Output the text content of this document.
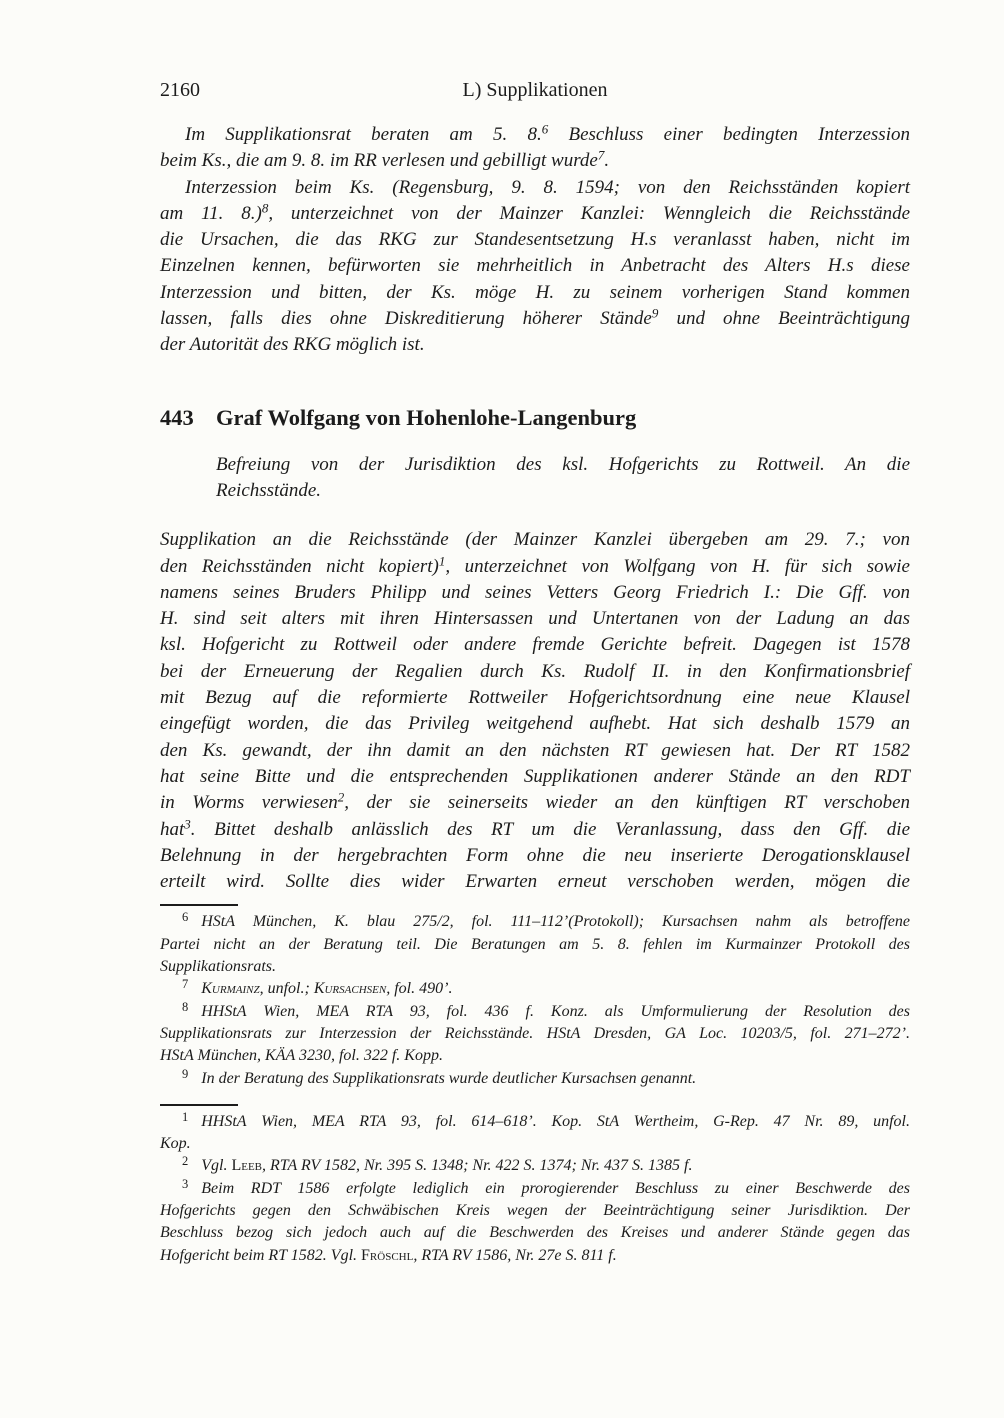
2160	L) Supplikationen
Im Supplikationsrat beraten am 5. 8.$^6$ Beschluss einer bedingten Interzession
beim Ks., die am 9. 8. im RR verlesen und gebilligt wurde$^7$.
Interzession beim Ks. (Regensburg, 9. 8. 1594; von den Reichsständen kopiert
am 11. 8.)$^8$, unterzeichnet von der Mainzer Kanzlei: Wenngleich die Reichsstände
die Ursachen, die das RKG zur Standesentsetzung H.s veranlasst haben, nicht im
Einzelnen kennen, befürworten sie mehrheitlich in Anbetracht des Alters H.s diese
Interzession und bitten, der Ks. möge H. zu seinem vorherigen Stand kommen
lassen, falls dies ohne Diskreditierung höherer Stände$^9$ und ohne Beeinträchtigung
der Autorität des RKG möglich ist.
443 Graf Wolfgang von Hohenlohe-Langenburg
Befreiung von der Jurisdiktion des ksl. Hofgerichts zu Rottweil. An die
Reichsstände.
Supplikation an die Reichsstände (der Mainzer Kanzlei übergeben am 29. 7.; von
den Reichsständen nicht kopiert)$^1$, unterzeichnet von Wolfgang von H. für sich sowie
namens seines Bruders Philipp und seines Vetters Georg Friedrich I.: Die Gff. von
H. sind seit alters mit ihren Hintersassen und Untertanen von der Ladung an das
ksl. Hofgericht zu Rottweil oder andere fremde Gerichte befreit. Dagegen ist 1578
bei der Erneuerung der Regalien durch Ks. Rudolf II. in den Konfirmationsbrief
mit Bezug auf die reformierte Rottweiler Hofgerichtsordnung eine neue Klausel
eingefügt worden, die das Privileg weitgehend aufhebt. Hat sich deshalb 1579 an
den Ks. gewandt, der ihn damit an den nächsten RT gewiesen hat. Der RT 1582
hat seine Bitte und die entsprechenden Supplikationen anderer Stände an den RDT
in Worms verwiesen$^2$, der sie seinerseits wieder an den künftigen RT verschoben
hat$^3$. Bittet deshalb anlässlich des RT um die Veranlassung, dass den Gff. die
Belehnung in der hergebrachten Form ohne die neu inserierte Derogationsklausel
erteilt wird. Sollte dies wider Erwarten erneut verschoben werden, mögen die
$^6$ HStA München, K. blau 275/2, fol. 111–112’(Protokoll); Kursachsen nahm als betroffene
Partei nicht an der Beratung teil. Die Beratungen am 5. 8. fehlen im Kurmainzer Protokoll des
Supplikationsrats.
$^7$ Kurmainz, unfol.; Kursachsen, fol. 490’.
$^8$ HHStA Wien, MEA RTA 93, fol. 436 f. Konz. als Umformulierung der Resolution des
Supplikationsrats zur Interzession der Reichsstände. HStA Dresden, GA Loc. 10203/5, fol. 271–272’.
HStA München, KÄA 3230, fol. 322 f. Kopp.
$^9$ In der Beratung des Supplikationsrats wurde deutlicher Kursachsen genannt.
$^1$ HHStA Wien, MEA RTA 93, fol. 614–618’. Kop. StA Wertheim, G-Rep. 47 Nr. 89, unfol.
Kop.
$^2$ Vgl. Leeb, RTA RV 1582, Nr. 395 S. 1348; Nr. 422 S. 1374; Nr. 437 S. 1385 f.
$^3$ Beim RDT 1586 erfolgte lediglich ein prorogierender Beschluss zu einer Beschwerde des
Hofgerichts gegen den Schwäbischen Kreis wegen der Beeinträchtigung seiner Jurisdiktion. Der
Beschluss bezog sich jedoch auch auf die Beschwerden des Kreises und anderer Stände gegen das
Hofgericht beim RT 1582. Vgl. Fröschl, RTA RV 1586, Nr. 27e S. 811 f.
